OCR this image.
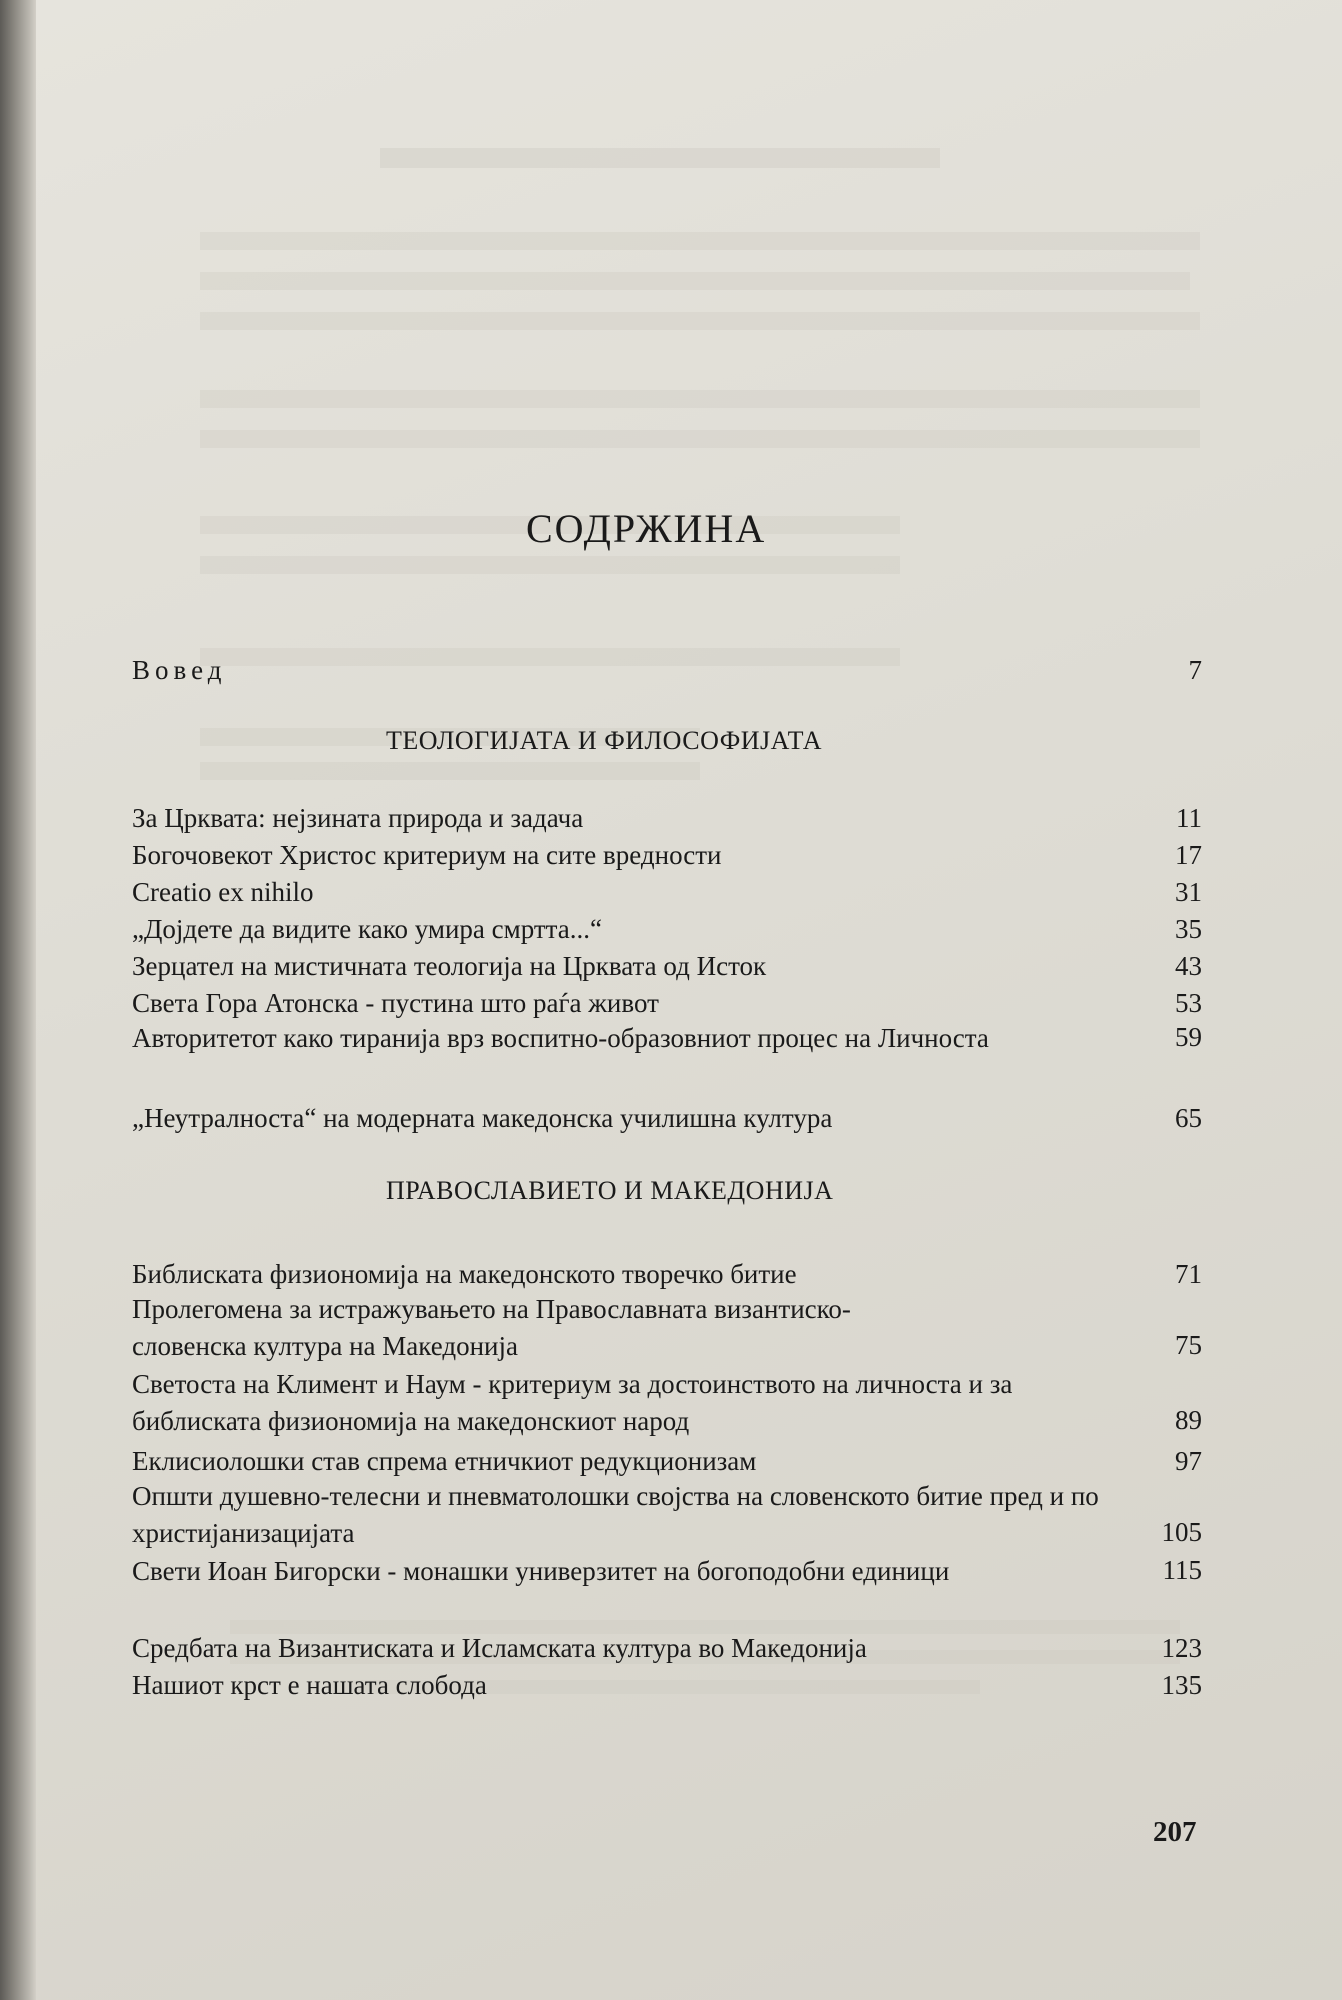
СОДРЖИНА
Вовед	7
ТЕОЛОГИЈАТА И ФИЛОСОФИЈАТА
За Црквата: нејзината природа и задача	11
Богочовекот Христос критериум на сите вредности	17
Creatio ex nihilo	31
„Дојдете да видите како умира смртта...“	35
Зерцател на мистичната теологија на Црквата од Исток	43
Света Гора Атонска - пустина што раѓа живот	53
Авторитетот како тиранија врз воспитно-образовниот процес на Личноста	59
„Неутралноста“ на модерната македонска училишна култура	65
ПРАВОСЛАВИЕТО И МАКЕДОНИЈА
Библиската физиономија на македонското творечко битие	71
Пролегомена за истражувањето на Православната византиско-словенска култура на Македонија	75
Светоста на Климент и Наум - критериум за достоинството на личноста и за библиската физиономија на македонскиот народ	89
Еклисиолошки став спрема етничкиот редукционизам	97
Општи душевно-телесни и пневматолошки својства на словенското битие пред и по христијанизацијата	105
Свети Иоан Бигорски - монашки универзитет на богоподобни единици	115
Средбата на Византиската и Исламската култура во Македонија	123
Нашиот крст е нашата слобода	135
207
